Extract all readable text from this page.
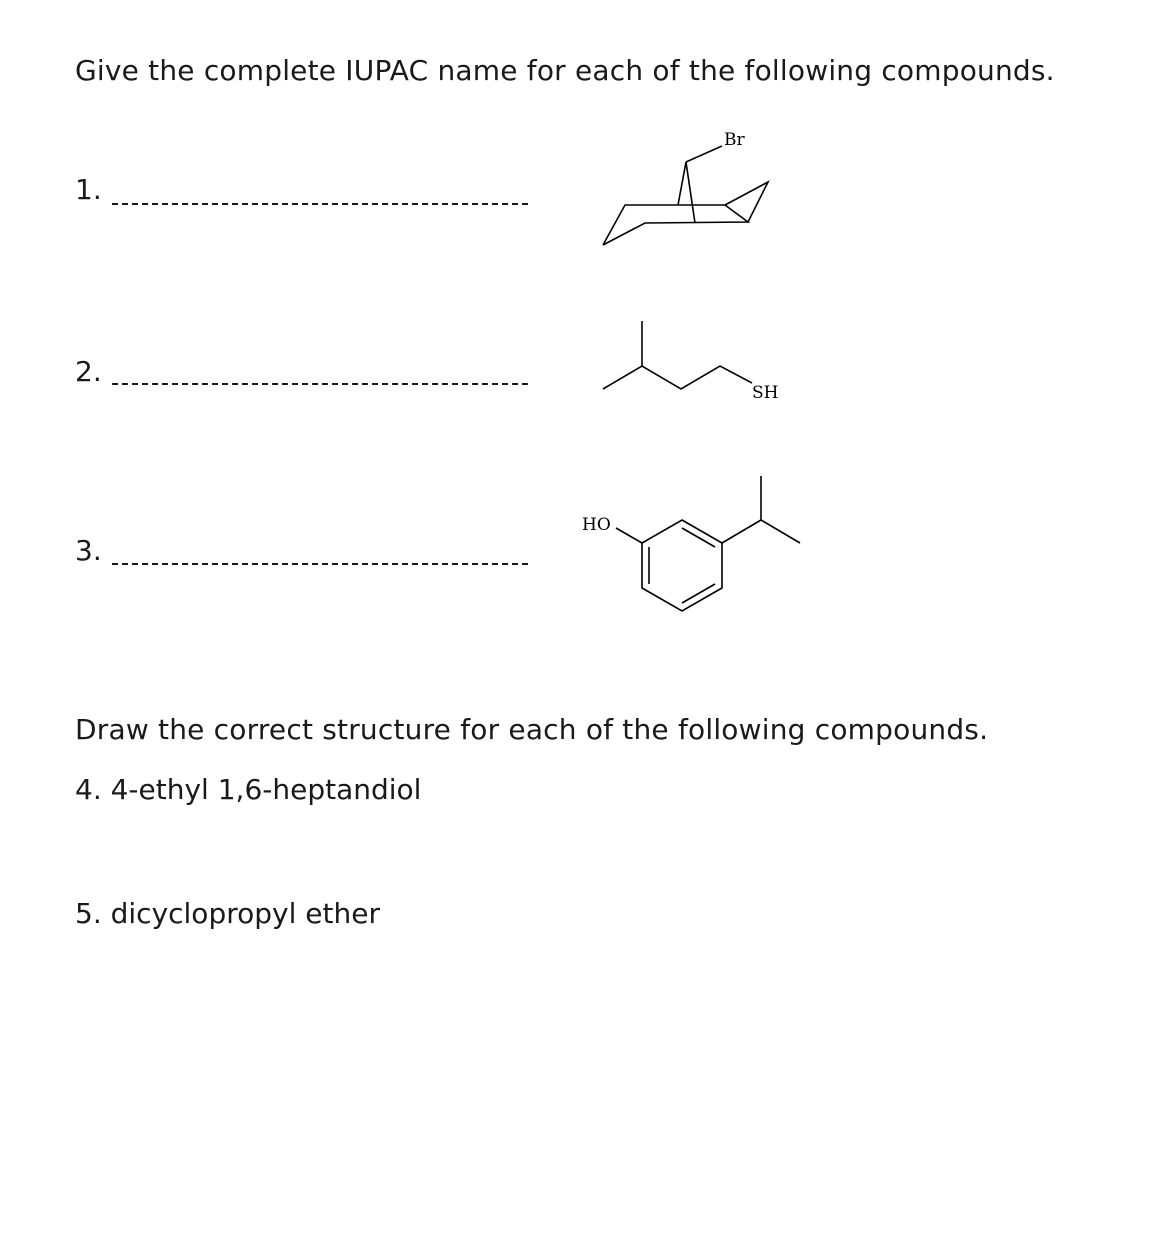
Give the complete IUPAC name for each of the following compounds.
1.
2.
3.
Br
SH
HO
Draw the correct structure for each of the following compounds.
4. 4-ethyl 1,6-heptandiol
5. dicyclopropyl ether
